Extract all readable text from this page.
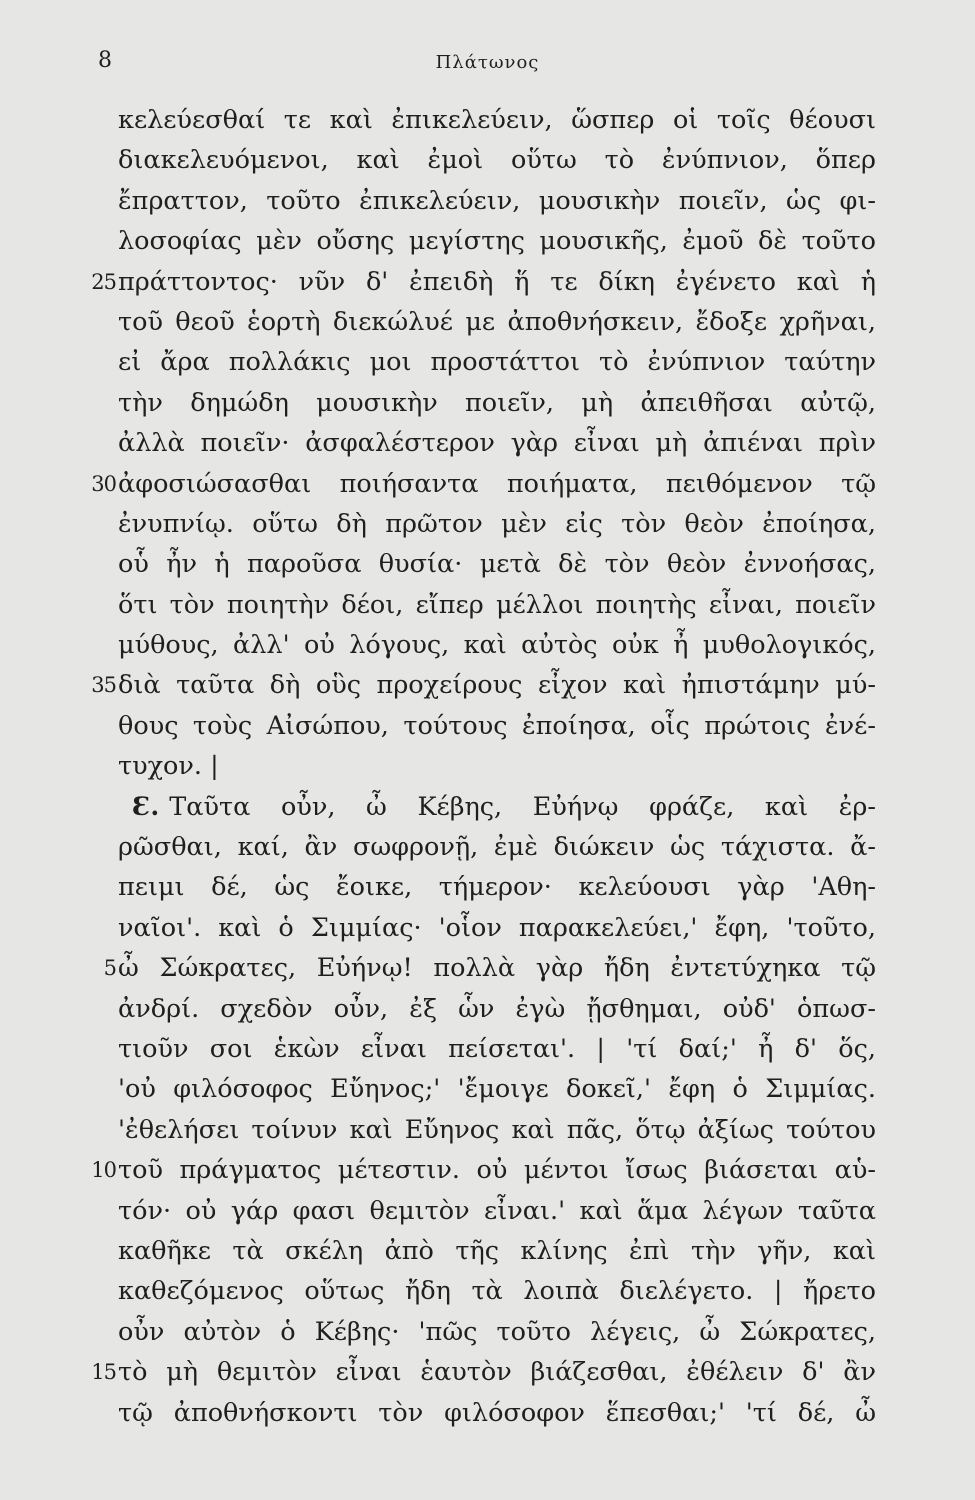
8	Πλάτωνος
κελεύεσθαί τε καὶ ἐπικελεύειν, ὥσπερ οἱ τοῖς θέουσι
διακελευόμενοι, καὶ ἐμοὶ οὕτω τὸ ἐνύπνιον, ὅπερ
ἔπραττον, τοῦτο ἐπικελεύειν, μουσικὴν ποιεῖν, ὡς φι-
λοσοφίας μὲν οὔσης μεγίστης μουσικῆς, ἐμοῦ δὲ τοῦτο
25 πράττοντος· νῦν δ' ἐπειδὴ ἥ τε δίκη ἐγένετο καὶ ἡ
τοῦ θεοῦ ἑορτὴ διεκώλυέ με ἀποθνήσκειν, ἔδοξε χρῆναι,
εἰ ἄρα πολλάκις μοι προστάττοι τὸ ἐνύπνιον ταύτην
τὴν δημώδη μουσικὴν ποιεῖν, μὴ ἀπειθῆσαι αὐτῷ,
ἀλλὰ ποιεῖν· ἀσφαλέστερον γὰρ εἶναι μὴ ἀπιέναι πρὶν
30 ἀφοσιώσασθαι ποιήσαντα ποιήματα, πειθόμενον τῷ
ἐνυπνίῳ. οὕτω δὴ πρῶτον μὲν εἰς τὸν θεὸν ἐποίησα,
οὗ ἦν ἡ παροῦσα θυσία· μετὰ δὲ τὸν θεὸν ἐννοήσας,
ὅτι τὸν ποιητὴν δέοι, εἴπερ μέλλοι ποιητὴς εἶναι, ποιεῖν
μύθους, ἀλλ' οὐ λόγους, καὶ αὐτὸς οὐκ ἦ μυθολογικός,
35 διὰ ταῦτα δὴ οὓς προχείρους εἶχον καὶ ἠπιστάμην μύ-
θους τοὺς Αἰσώπου, τούτους ἐποίησα, οἷς πρώτοις ἐνέ-
τυχον. |
Ɛ. Ταῦτα οὖν, ὦ Κέβης, Εὐήνῳ φράζε, καὶ ἐρ-
ρῶσθαι, καί, ἂν σωφρονῇ, ἐμὲ διώκειν ὡς τάχιστα. ἄ-
πειμι δέ, ὡς ἔοικε, τήμερον· κελεύουσι γὰρ 'Αθη-
ναῖοι'. καὶ ὁ Σιμμίας· 'οἷον παρακελεύει,' ἔφη, 'τοῦτο,
5 ὦ Σώκρατες, Εὐήνῳ! πολλὰ γὰρ ἤδη ἐντετύχηκα τῷ
ἀνδρί. σχεδὸν οὖν, ἐξ ὧν ἐγὼ ᾔσθημαι, οὐδ' ὁπωσ-
τιοῦν σοι ἑκὼν εἶναι πείσεται'. | 'τί δαί;' ἦ δ' ὅς,
'οὐ φιλόσοφος Εὔηνος;' 'ἔμοιγε δοκεῖ,' ἔφη ὁ Σιμμίας.
'ἐθελήσει τοίνυν καὶ Εὔηνος καὶ πᾶς, ὅτῳ ἀξίως τούτου
10 τοῦ πράγματος μέτεστιν. οὐ μέντοι ἴσως βιάσεται αὑ-
τόν· οὐ γάρ φασι θεμιτὸν εἶναι.' καὶ ἅμα λέγων ταῦτα
καθῆκε τὰ σκέλη ἀπὸ τῆς κλίνης ἐπὶ τὴν γῆν, καὶ
καθεζόμενος οὕτως ἤδη τὰ λοιπὰ διελέγετο. | ἤρετο
οὖν αὐτὸν ὁ Κέβης· 'πῶς τοῦτο λέγεις, ὦ Σώκρατες,
15 τὸ μὴ θεμιτὸν εἶναι ἑαυτὸν βιάζεσθαι, ἐθέλειν δ' ἂν
τῷ ἀποθνήσκοντι τὸν φιλόσοφον ἕπεσθαι;' 'τί δέ, ὦ
